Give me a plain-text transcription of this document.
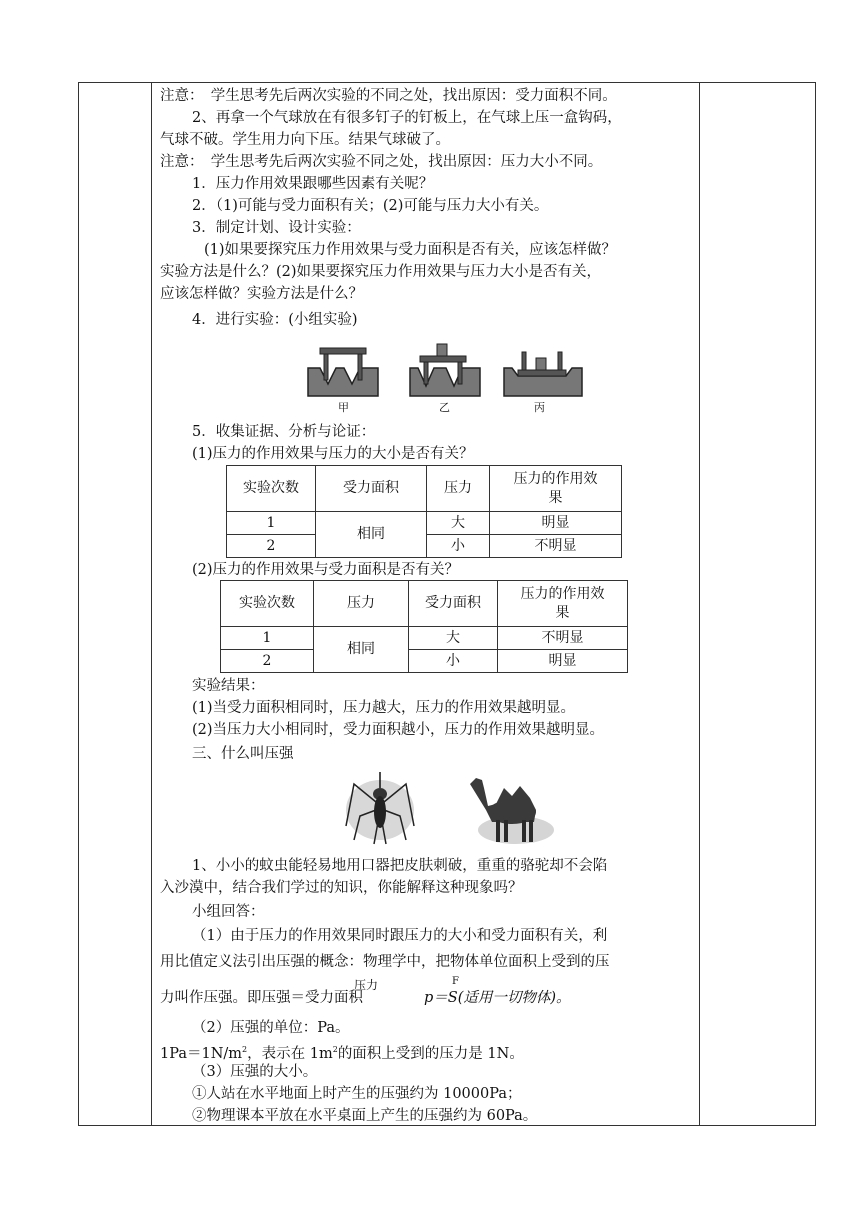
注意：　学生思考先后两次实验的不同之处，找出原因：受力面积不同。
2、再拿一个气球放在有很多钉子的钉板上，在气球上压一盒钩码，
气球不破。学生用力向下压。结果气球破了。
注意：　学生思考先后两次实验不同之处，找出原因：压力大小不同。
1．压力作用效果跟哪些因素有关呢？
2．（1)可能与受力面积有关；(2)可能与压力大小有关。
3．制定计划、设计实验：
(1)如果要探究压力作用效果与受力面积是否有关，应该怎样做？
实验方法是什么？(2)如果要探究压力作用效果与压力大小是否有关，
应该怎样做？实验方法是什么？
4．进行实验：(小组实验)
甲	乙	丙
5．收集证据、分析与论证：
(1)压力的作用效果与压力的大小是否有关？
实验次数	受力面积	压力	压力的作用效
果
1	相同	大	明显
2		小	不明显
(2)压力的作用效果与受力面积是否有关？
实验次数	压力	受力面积	压力的作用效
果
1	相同	大	不明显
2		小	明显
实验结果：
(1)当受力面积相同时，压力越大，压力的作用效果越明显。
(2)当压力大小相同时，受力面积越小，压力的作用效果越明显。
三、什么叫压强
1、小小的蚊虫能轻易地用口器把皮肤刺破，重重的骆驼却不会陷
入沙漠中，结合我们学过的知识，你能解释这种现象吗？
小组回答：
（1）由于压力的作用效果同时跟压力的大小和受力面积有关，利
用比值定义法引出压强的概念：物理学中，把物体单位面积上受到的压
压力	F
力叫作压强。即压强＝受力面积	p＝S(适用一切物体)。
（2）压强的单位：Pa。
$1Pa=1N/m^2$，表示在 $1m^2$的面积上受到的压力是 1N。
（3）压强的大小。
①人站在水平地面上时产生的压强约为 10000Pa；
②物理课本平放在水平桌面上产生的压强约为 60Pa。
